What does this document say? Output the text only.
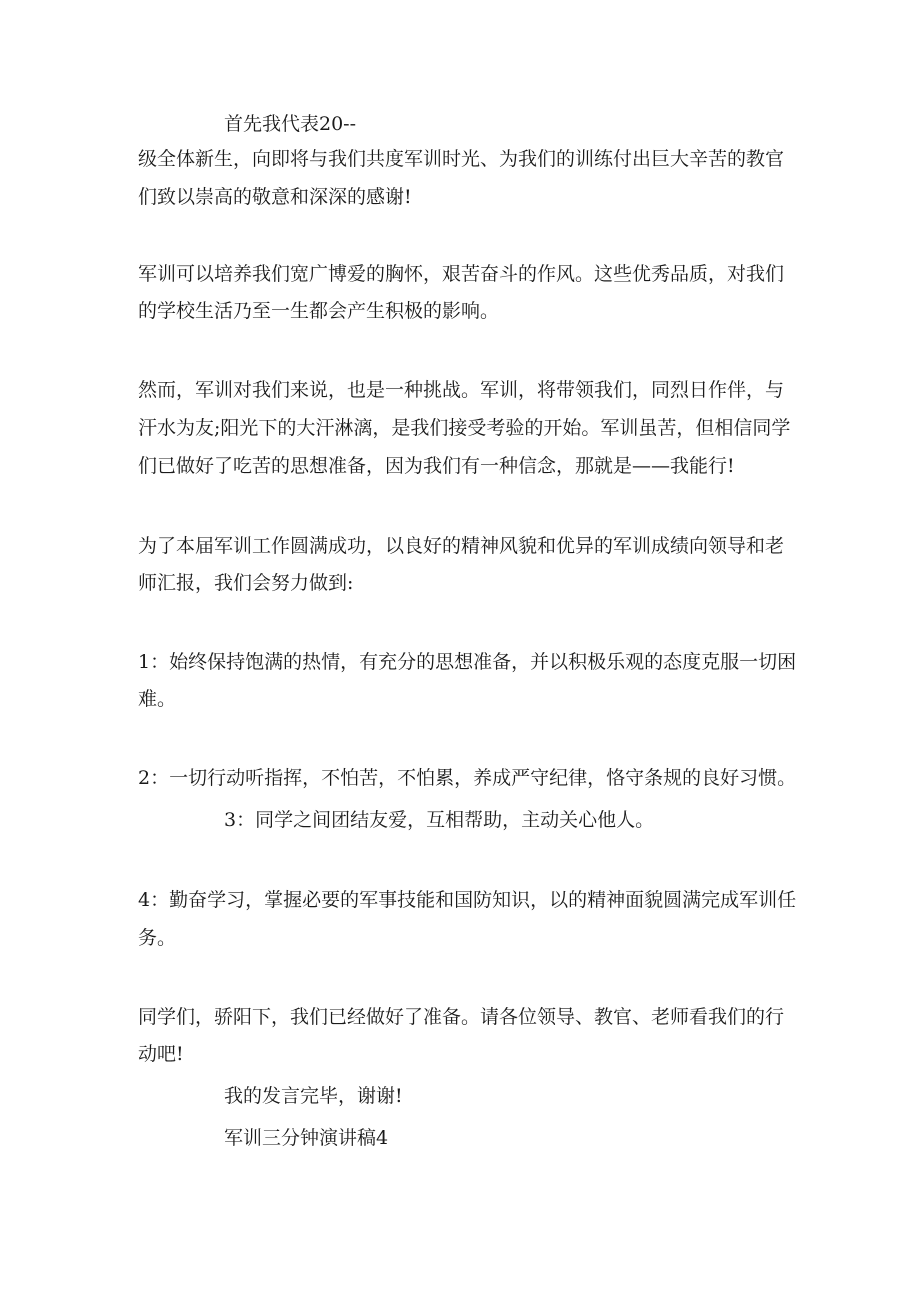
首先我代表20--
级全体新生，向即将与我们共度军训时光、为我们的训练付出巨大辛苦的教官
们致以崇高的敬意和深深的感谢!
军训可以培养我们宽广博爱的胸怀，艰苦奋斗的作风。这些优秀品质，对我们
的学校生活乃至一生都会产生积极的影响。
然而，军训对我们来说，也是一种挑战。军训，将带领我们，同烈日作伴，与
汗水为友;阳光下的大汗淋漓，是我们接受考验的开始。军训虽苦，但相信同学
们已做好了吃苦的思想准备，因为我们有一种信念，那就是——我能行!
为了本届军训工作圆满成功，以良好的精神风貌和优异的军训成绩向领导和老
师汇报，我们会努力做到:
1：始终保持饱满的热情，有充分的思想准备，并以积极乐观的态度克服一切困
难。
2：一切行动听指挥，不怕苦，不怕累，养成严守纪律，恪守条规的良好习惯。
3：同学之间团结友爱，互相帮助，主动关心他人。
4：勤奋学习，掌握必要的军事技能和国防知识，以的精神面貌圆满完成军训任
务。
同学们，骄阳下，我们已经做好了准备。请各位领导、教官、老师看我们的行
动吧!
我的发言完毕，谢谢!
军训三分钟演讲稿4
